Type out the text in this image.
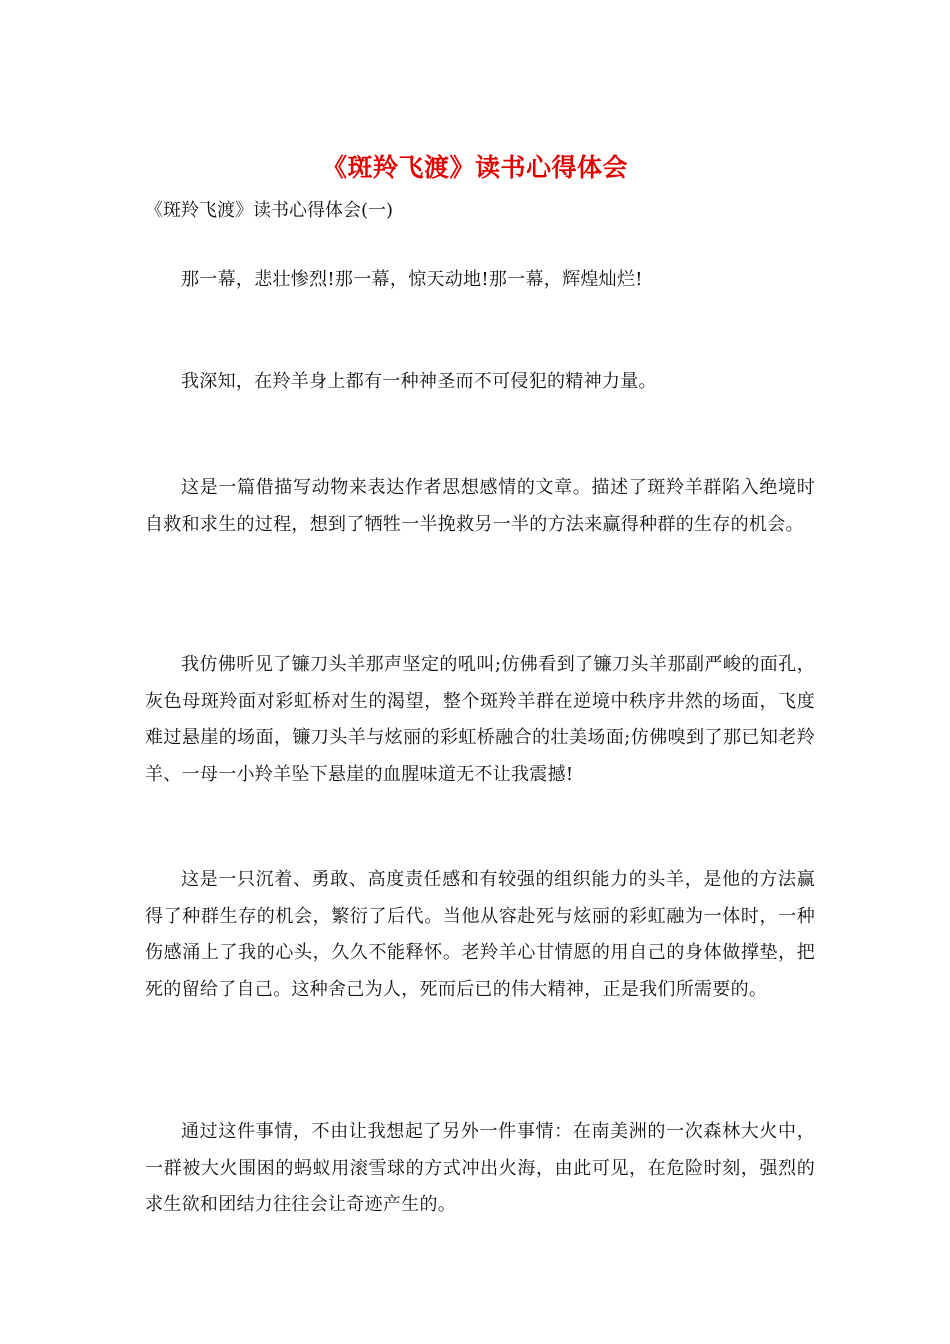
《斑羚飞渡》读书心得体会
《斑羚飞渡》读书心得体会(一)

那一幕，悲壮惨烈!那一幕，惊天动地!那一幕，辉煌灿烂!

我深知，在羚羊身上都有一种神圣而不可侵犯的精神力量。

这是一篇借描写动物来表达作者思想感情的文章。描述了斑羚羊群陷入绝境时自救和求生的过程，想到了牺牲一半挽救另一半的方法来赢得种群的生存的机会。

我仿佛听见了镰刀头羊那声坚定的吼叫;仿佛看到了镰刀头羊那副严峻的面孔，灰色母斑羚面对彩虹桥对生的渴望，整个斑羚羊群在逆境中秩序井然的场面，飞度难过悬崖的场面，镰刀头羊与炫丽的彩虹桥融合的壮美场面;仿佛嗅到了那已知老羚羊、一母一小羚羊坠下悬崖的血腥味道无不让我震撼!

这是一只沉着、勇敢、高度责任感和有较强的组织能力的头羊，是他的方法赢得了种群生存的机会，繁衍了后代。当他从容赴死与炫丽的彩虹融为一体时，一种伤感涌上了我的心头，久久不能释怀。老羚羊心甘情愿的用自己的身体做撑垫，把死的留给了自己。这种舍己为人，死而后已的伟大精神，正是我们所需要的。

通过这件事情，不由让我想起了另外一件事情：在南美洲的一次森林大火中，一群被大火围困的蚂蚁用滚雪球的方式冲出火海，由此可见，在危险时刻，强烈的求生欲和团结力往往会让奇迹产生的。
